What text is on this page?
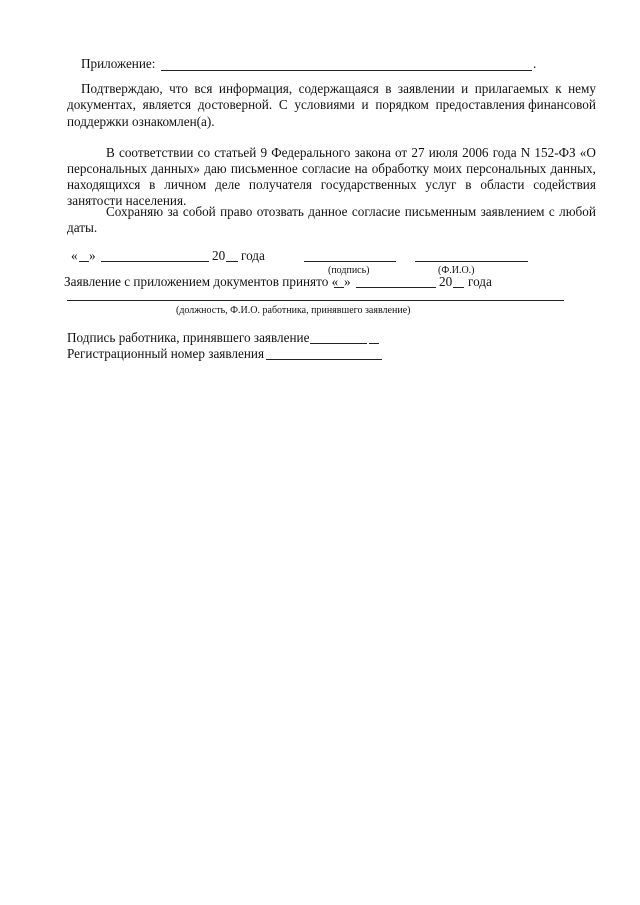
Приложение:	.
Подтверждаю, что вся информация, содержащаяся в заявлении и прилагаемых к нему
документах, является достоверной. С условиями и порядком предоставления финансовой
поддержки ознакомлен(а).
В соответствии со статьей 9 Федерального закона от 27 июля 2006 года N 152-ФЗ «О
персональных данных» даю письменное согласие на обработку моих персональных данных,
находящихся в личном деле получателя государственных услуг в области содействия
занятости населения.
Сохраняю за собой право отозвать данное согласие письменным заявлением с любой
даты.
« »	20 года
(подпись)	(Ф.И.О.)
Заявление с приложением документов принято « »	20 года
(должность, Ф.И.О. работника, принявшего заявление)
Подпись работника, принявшего заявление
Регистрационный номер заявления
